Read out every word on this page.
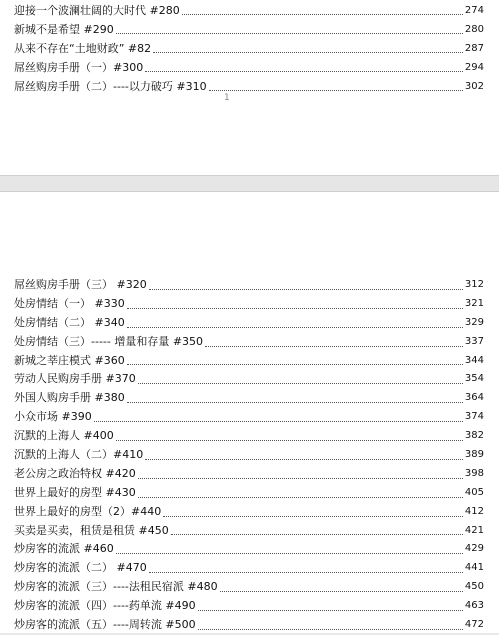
迎接一个波澜壮阔的大时代 #280	274
新城不是希望 #290	280
从来不存在“土地财政” #82	287
屌丝购房手册（一）#300	294
屌丝购房手册（二）----以力破巧 #310	302
1
屌丝购房手册（三） #320	312
处房情结（一） #330	321
处房情结（二） #340	329
处房情结（三）----- 增量和存量 #350	337
新城之莘庄模式 #360	344
劳动人民购房手册 #370	354
外国人购房手册 #380	364
小众市场 #390	374
沉默的上海人 #400	382
沉默的上海人（二）#410	389
老公房之政治特权 #420	398
世界上最好的房型 #430	405
世界上最好的房型（2）#440	412
买卖是买卖，租赁是租赁 #450	421
炒房客的流派 #460	429
炒房客的流派（二） #470	441
炒房客的流派（三）----法租民宿派 #480	450
炒房客的流派（四）----药单流 #490	463
炒房客的流派（五）----周转流 #500	472
